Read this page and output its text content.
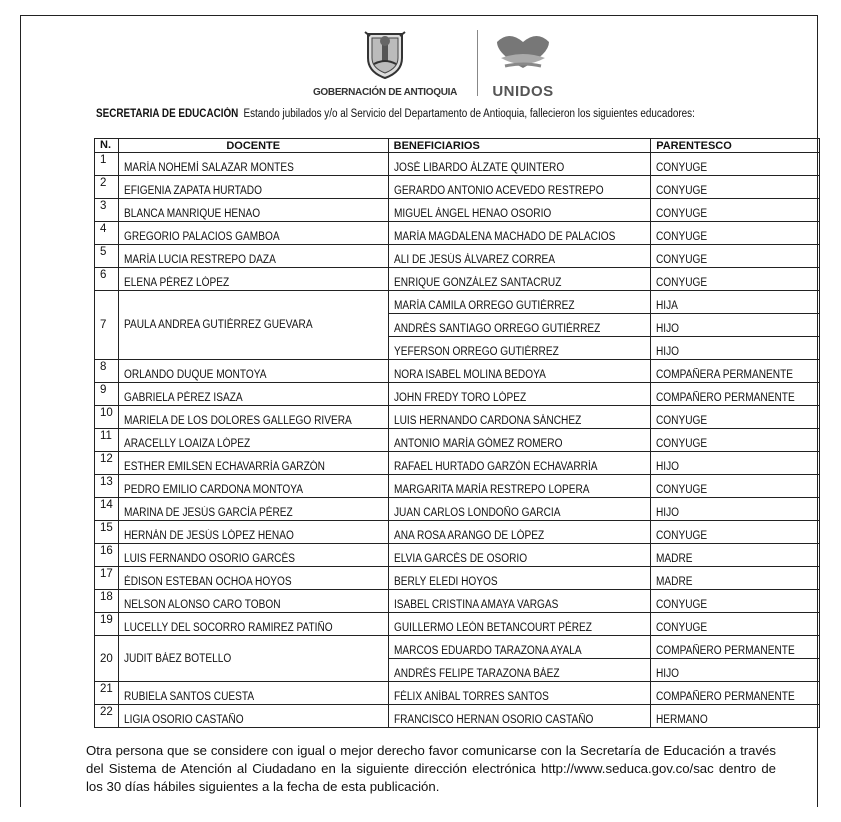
GOBERNACIÓN DE ANTIOQUIA	UNIDOS
SECRETARIA DE EDUCACIÓN Estando jubilados y/o al Servicio del Departamento de Antioquia, fallecieron los siguientes educadores:
N.	DOCENTE	BENEFICIARIOS	PARENTESCO
1	MARÍA NOHEMÍ SALAZAR MONTES	JOSÉ LIBARDO ÁLZATE QUINTERO	CONYUGE
2	EFIGENIA ZAPATA HURTADO	GERARDO ANTONIO ACEVEDO RESTREPO	CONYUGE
3	BLANCA MANRIQUE HENAO	MIGUEL ÁNGEL HENAO OSORIO	CONYUGE
4	GREGORIO PALACIOS GAMBOA	MARÍA MAGDALENA MACHADO DE PALACIOS	CONYUGE
5	MARÍA LUCIA RESTREPO DAZA	ALI DE JESÚS ÁLVAREZ CORREA	CONYUGE
6	ELENA PÉREZ LÓPEZ	ENRIQUE GONZÁLEZ SANTACRUZ	CONYUGE
7	PAULA ANDREA GUTIÉRREZ GUEVARA	MARÍA CAMILA ORREGO GUTIÉRREZ	HIJA
		ANDRÉS SANTIAGO ORREGO GUTIÉRREZ	HIJO
		YEFERSON ORREGO GUTIÉRREZ	HIJO
8	ORLANDO DUQUE MONTOYA	NORA ISABEL MOLINA BEDOYA	COMPAÑERA PERMANENTE
9	GABRIELA PÉREZ ISAZA	JOHN FREDY TORO LÓPEZ	COMPAÑERO PERMANENTE
10	MARIELA DE LOS DOLORES GALLEGO RIVERA	LUIS HERNANDO CARDONA SÁNCHEZ	CONYUGE
11	ARACELLY LOAIZA LÓPEZ	ANTONIO MARÍA GÓMEZ ROMERO	CONYUGE
12	ESTHER EMILSEN ECHAVARRÍA GARZÓN	RAFAEL HURTADO GARZÓN ECHAVARRÍA	HIJO
13	PEDRO EMILIO CARDONA MONTOYA	MARGARITA MARÍA RESTREPO LOPERA	CONYUGE
14	MARINA DE JESÚS GARCÍA PÉREZ	JUAN CARLOS LONDOÑO GARCIA	HIJO
15	HERNÁN DE JESÚS LÓPEZ HENAO	ANA ROSA ARANGO DE LÓPEZ	CONYUGE
16	LUIS FERNANDO OSORIO GARCÉS	ELVIA GARCÉS DE OSORIO	MADRE
17	ÉDISON ESTEBAN OCHOA HOYOS	BERLY ELEDI HOYOS	MADRE
18	NELSON ALONSO CARO TOBON	ISABEL CRISTINA AMAYA VARGAS	CONYUGE
19	LUCELLY DEL SOCORRO RAMIREZ PATIÑO	GUILLERMO LEÓN BETANCOURT PÉREZ	CONYUGE
20	JUDIT BÁEZ BOTELLO	MARCOS EDUARDO TARAZONA AYALA	COMPAÑERO PERMANENTE
		ANDRÉS FELIPE TARAZONA BÁEZ	HIJO
21	RUBIELA SANTOS CUESTA	FÉLIX ANÍBAL TORRES SANTOS	COMPAÑERO PERMANENTE
22	LIGIA OSORIO CASTAÑO	FRANCISCO HERNAN OSORIO CASTAÑO	HERMANO
Otra persona que se considere con igual o mejor derecho favor comunicarse con la Secretaría de Educación a través del Sistema de Atención al Ciudadano en la siguiente dirección electrónica http://www.seduca.gov.co/sac dentro de los 30 días hábiles siguientes a la fecha de esta publicación.
